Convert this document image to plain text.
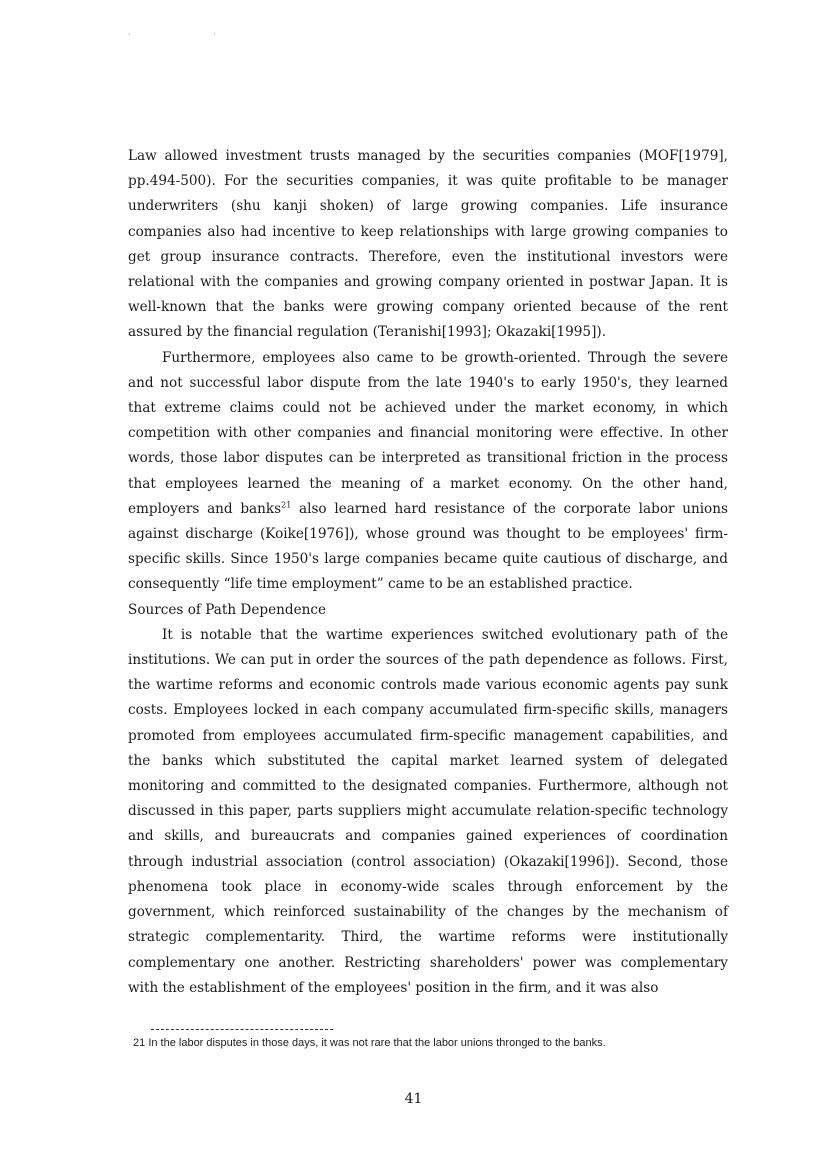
· ·

Law allowed investment trusts managed by the securities companies (MOF[1979], pp.494-500). For the securities companies, it was quite profitable to be manager underwriters (shu kanji shoken) of large growing companies. Life insurance companies also had incentive to keep relationships with large growing companies to get group insurance contracts. Therefore, even the institutional investors were relational with the companies and growing company oriented in postwar Japan. It is well-known that the banks were growing company oriented because of the rent assured by the financial regulation (Teranishi[1993]; Okazaki[1995]).

Furthermore, employees also came to be growth-oriented. Through the severe and not successful labor dispute from the late 1940's to early 1950's, they learned that extreme claims could not be achieved under the market economy, in which competition with other companies and financial monitoring were effective. In other words, those labor disputes can be interpreted as transitional friction in the process that employees learned the meaning of a market economy. On the other hand, employers and banks$^{21}$ also learned hard resistance of the corporate labor unions against discharge (Koike[1976]), whose ground was thought to be employees' firm-specific skills. Since 1950's large companies became quite cautious of discharge, and consequently “life time employment” came to be an established practice.

Sources of Path Dependence

It is notable that the wartime experiences switched evolutionary path of the institutions. We can put in order the sources of the path dependence as follows. First, the wartime reforms and economic controls made various economic agents pay sunk costs. Employees locked in each company accumulated firm-specific skills, managers promoted from employees accumulated firm-specific management capabilities, and the banks which substituted the capital market learned system of delegated monitoring and committed to the designated companies. Furthermore, although not discussed in this paper, parts suppliers might accumulate relation-specific technology and skills, and bureaucrats and companies gained experiences of coordination through industrial association (control association) (Okazaki[1996]). Second, those phenomena took place in economy-wide scales through enforcement by the government, which reinforced sustainability of the changes by the mechanism of strategic complementarity. Third, the wartime reforms were institutionally complementary one another. Restricting shareholders' power was complementary with the establishment of the employees' position in the firm, and it was also

21 In the labor disputes in those days, it was not rare that the labor unions thronged to the banks.
41
